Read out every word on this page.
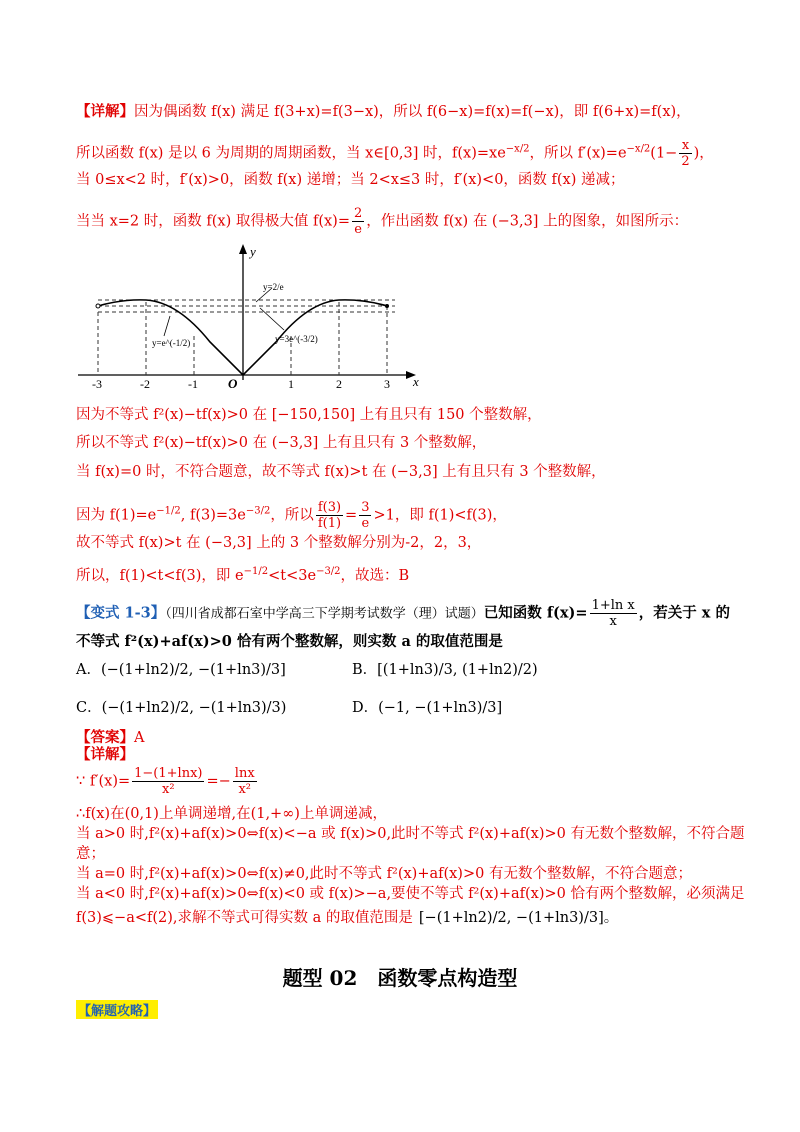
【详解】因为偶函数 f(x) 满足 f(3+x)=f(3−x)，所以 f(6−x)=f(x)=f(−x)，即 f(6+x)=f(x)，
所以函数 f(x) 是以 6 为周期的周期函数，当 x∈[0,3] 时，$f(x)=xe^{-x/2}$，所以 $f'(x)=e^{-x/2}(1- \frac{x}{2}$ )，
当 0≤x<2 时，f′(x)>0，函数 f(x) 递增；当 2<x≤3 时，f′(x)<0，函数 f(x) 递减；
当当 x=2 时，函数 f(x) 取得极大值 $f(x)= \frac{2}{e}$ ，作出函数 f(x) 在 (−3,3] 上的图象，如图所示：
-3	-2	-1	1	2	3
O	x
y
y=2/e
y=e^(-1/2)	y=3e^(-3/2)
因为不等式 f²(x)−tf(x)>0 在 [−150,150] 上有且只有 150 个整数解，
所以不等式 f²(x)−tf(x)>0 在 (−3,3] 上有且只有 3 个整数解，
当 f(x)=0 时，不符合题意，故不等式 f(x)>t 在 (−3,3] 上有且只有 3 个整数解，
因为 $f(1)=e^{-1/2}$, $f(3)=3e^{-3/2}$，所以 $\frac{f(3)}{f(1)} = \frac{3}{e} >1$，即 f(1)<f(3)，
故不等式 f(x)>t 在 (−3,3] 上的 3 个整数解分别为-2，2，3，
所以，f(1)<t<f(3)，即 $e^{-1/2}<t<3e^{-3/2}$，故选：B
【变式 1-3】（四川省成都石室中学高三下学期考试数学（理）试题）已知函数 $f(x)= \frac{\text{1+ln x}}{x}$ ，若关于 x 的
不等式 f²(x)+af(x)>0 恰有两个整数解，则实数 a 的取值范围是
A．(−(1+ln2)/2, −(1+ln3)/3]	B．[(1+ln3)/3, (1+ln2)/2)
C．(−(1+ln2)/2, −(1+ln3)/3)	D．(−1, −(1+ln3)/3]
【答案】A
【详解】
∵ $f'(x)= \frac{1-(1+\ln x)}{\text{x²}} =- \frac{\ln x}{\text{x²}}$
∴f(x)在(0,1)上单调递增,在(1,+∞)上单调递减，
当 a>0 时,f²(x)+af(x)>0⇔f(x)<−a 或 f(x)>0,此时不等式 f²(x)+af(x)>0 有无数个整数解，不符合题
意；
当 a=0 时,f²(x)+af(x)>0⇔f(x)≠0,此时不等式 f²(x)+af(x)>0 有无数个整数解，不符合题意；
当 a<0 时,f²(x)+af(x)>0⇔f(x)<0 或 f(x)>−a,要使不等式 f²(x)+af(x)>0 恰有两个整数解，必须满足
f(3)⩽−a<f(2),求解不等式可得实数 a 的取值范围是 [−(1+ln2)/2, −(1+ln3)/3]。
题型 02　函数零点构造型
【解题攻略】
